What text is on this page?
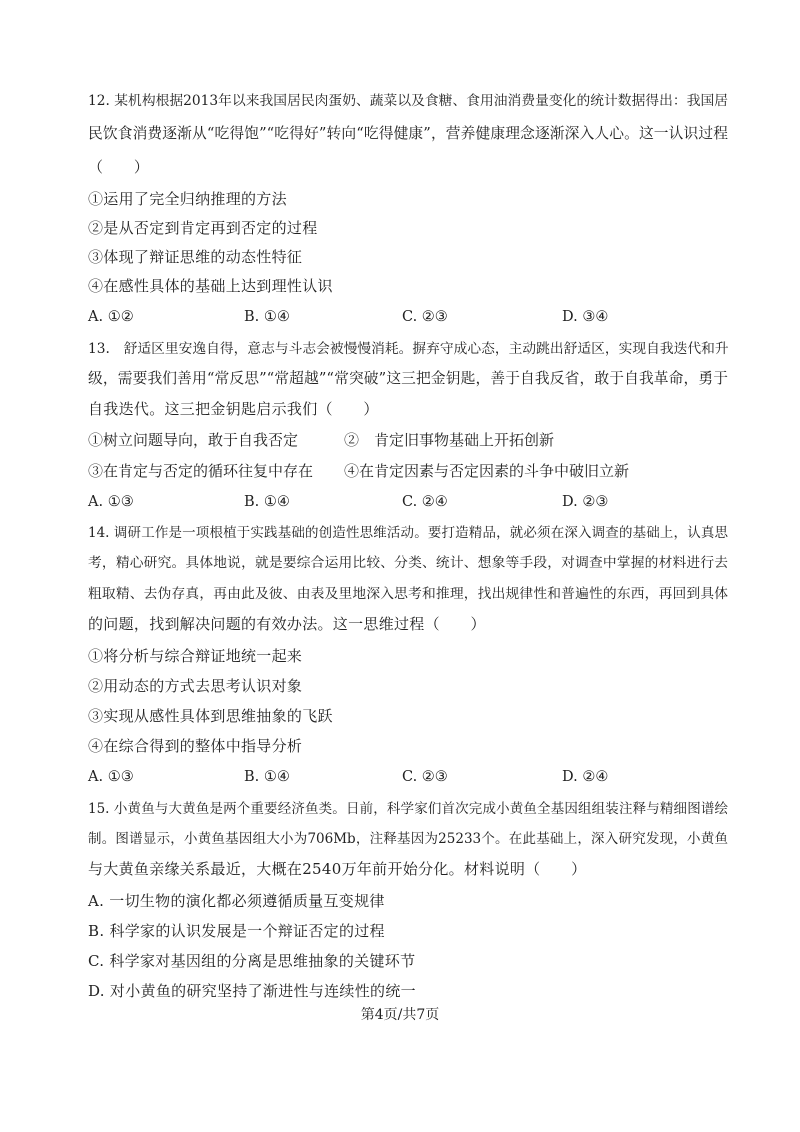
12. 某机构根据2013年以来我国居民肉蛋奶、蔬菜以及食糖、食用油消费量变化的统计数据得出：我国居
民饮食消费逐渐从“吃得饱”“吃得好”转向“吃得健康”，营养健康理念逐渐深入人心。这一认识过程
（　　）
①运用了完全归纳推理的方法
②是从否定到肯定再到否定的过程
③体现了辩证思维的动态性特征
④在感性具体的基础上达到理性认识
A. ①②	B. ①④	C. ②③	D. ③④
13.　舒适区里安逸自得，意志与斗志会被慢慢消耗。摒弃守成心态，主动跳出舒适区，实现自我迭代和升
级，需要我们善用“常反思”“常超越”“常突破”这三把金钥匙，善于自我反省，敢于自我革命，勇于
自我迭代。这三把金钥匙启示我们（　　）
①树立问题导向，敢于自我否定	②　肯定旧事物基础上开拓创新
③在肯定与否定的循环往复中存在 ④在肯定因素与否定因素的斗争中破旧立新
A. ①③	B. ①④	C. ②④	D. ②③
14. 调研工作是一项根植于实践基础的创造性思维活动。要打造精品，就必须在深入调查的基础上，认真思
考，精心研究。具体地说，就是要综合运用比较、分类、统计、想象等手段，对调查中掌握的材料进行去
粗取精、去伪存真，再由此及彼、由表及里地深入思考和推理，找出规律性和普遍性的东西，再回到具体
的问题，找到解决问题的有效办法。这一思维过程（　　）
①将分析与综合辩证地统一起来
②用动态的方式去思考认识对象
③实现从感性具体到思维抽象的飞跃
④在综合得到的整体中指导分析
A. ①③	B. ①④	C. ②③	D. ②④
15. 小黄鱼与大黄鱼是两个重要经济鱼类。日前，科学家们首次完成小黄鱼全基因组组装注释与精细图谱绘
制。图谱显示，小黄鱼基因组大小为706Mb，注释基因为25233个。在此基础上，深入研究发现，小黄鱼
与大黄鱼亲缘关系最近，大概在2540万年前开始分化。材料说明（　　）
A. 一切生物的演化都必须遵循质量互变规律
B. 科学家的认识发展是一个辩证否定的过程
C. 科学家对基因组的分离是思维抽象的关键环节
D. 对小黄鱼的研究坚持了渐进性与连续性的统一
第4页/共7页
